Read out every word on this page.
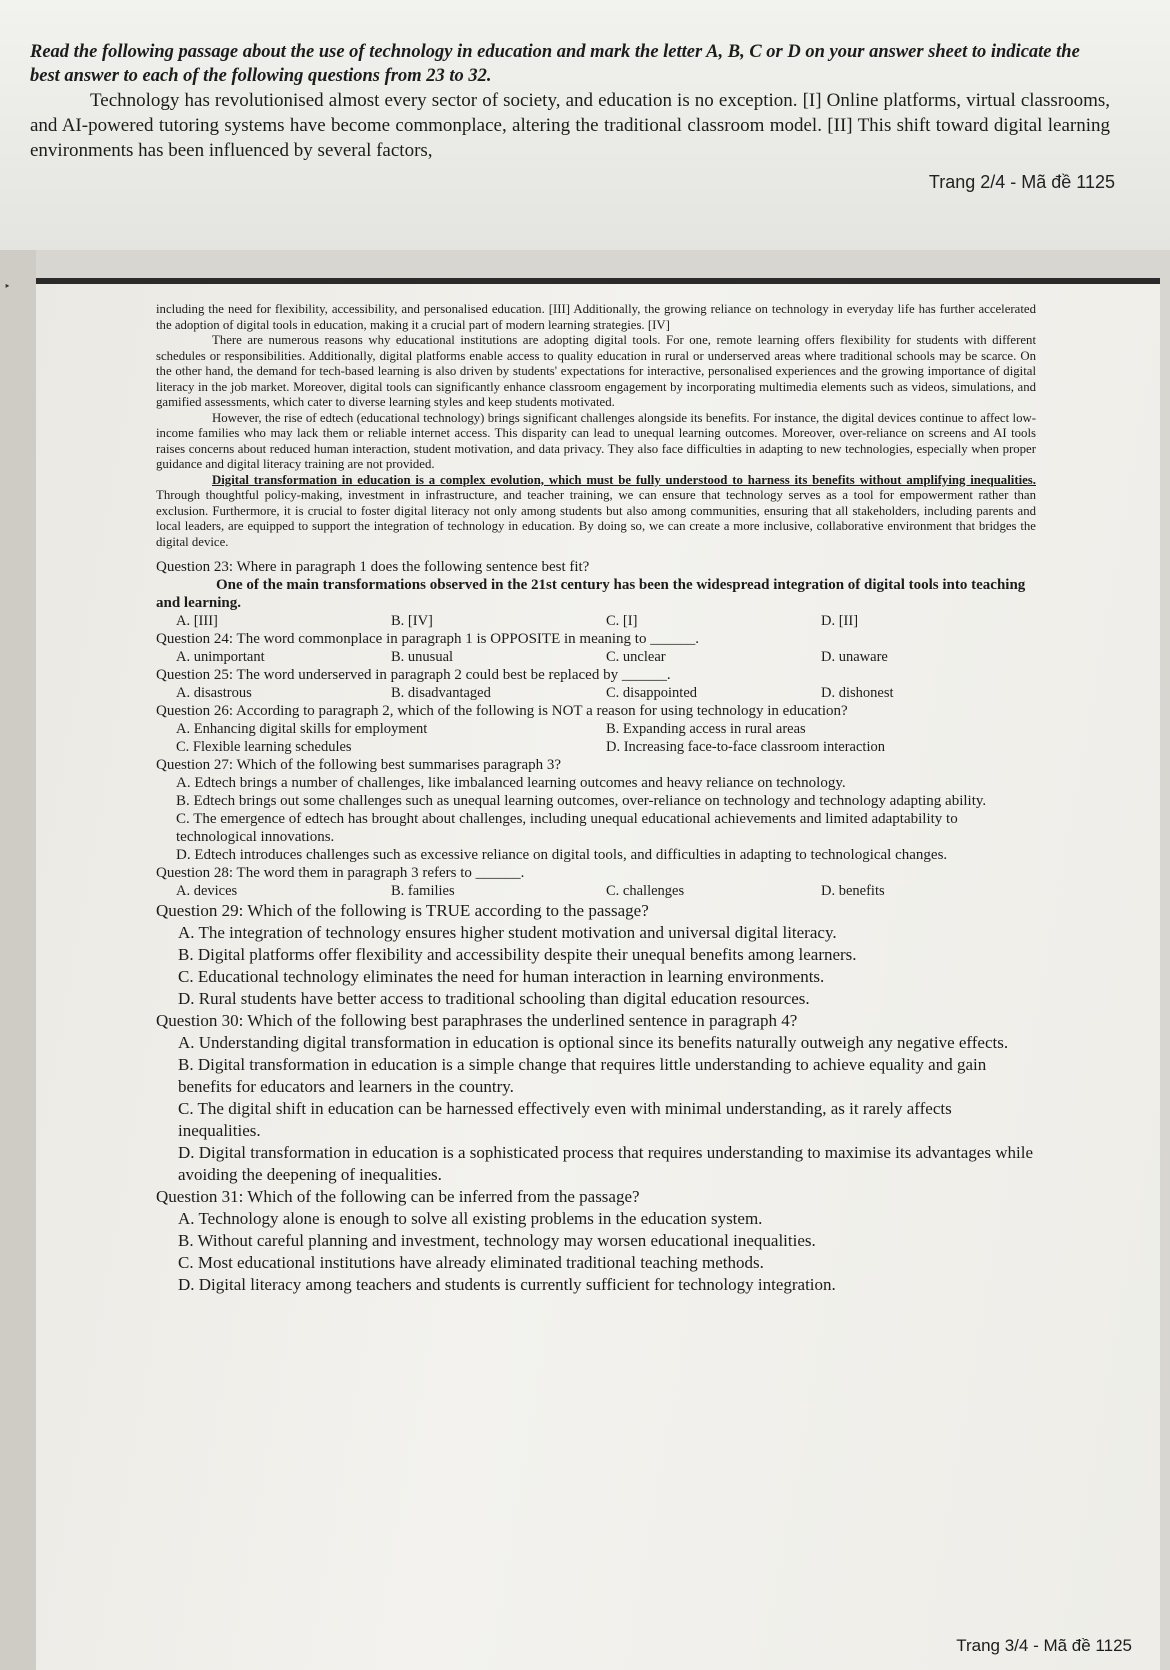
Read the following passage about the use of technology in education and mark the letter A, B, C or D on your answer sheet to indicate the best answer to each of the following questions from 23 to 32.

Technology has revolutionised almost every sector of society, and education is no exception. [I] Online platforms, virtual classrooms, and AI-powered tutoring systems have become commonplace, altering the traditional classroom model. [II] This shift toward digital learning environments has been influenced by several factors,

Trang 2/4 - Mã đề 1125
‣

including the need for flexibility, accessibility, and personalised education. [III] Additionally, the growing reliance on technology in everyday life has further accelerated the adoption of digital tools in education, making it a crucial part of modern learning strategies. [IV]

There are numerous reasons why educational institutions are adopting digital tools. For one, remote learning offers flexibility for students with different schedules or responsibilities. Additionally, digital platforms enable access to quality education in rural or underserved areas where traditional schools may be scarce. On the other hand, the demand for tech-based learning is also driven by students' expectations for interactive, personalised experiences and the growing importance of digital literacy in the job market. Moreover, digital tools can significantly enhance classroom engagement by incorporating multimedia elements such as videos, simulations, and gamified assessments, which cater to diverse learning styles and keep students motivated.

However, the rise of edtech (educational technology) brings significant challenges alongside its benefits. For instance, the digital devices continue to affect low-income families who may lack them or reliable internet access. This disparity can lead to unequal learning outcomes. Moreover, over-reliance on screens and AI tools raises concerns about reduced human interaction, student motivation, and data privacy. They also face difficulties in adapting to new technologies, especially when proper guidance and digital literacy training are not provided.

Digital transformation in education is a complex evolution, which must be fully understood to harness its benefits without amplifying inequalities. Through thoughtful policy-making, investment in infrastructure, and teacher training, we can ensure that technology serves as a tool for empowerment rather than exclusion. Furthermore, it is crucial to foster digital literacy not only among students but also among communities, ensuring that all stakeholders, including parents and local leaders, are equipped to support the integration of technology in education. By doing so, we can create a more inclusive, collaborative environment that bridges the digital device.

Question 23: Where in paragraph 1 does the following sentence best fit?

One of the main transformations observed in the 21st century has been the widespread integration of digital tools into teaching and learning.

A. [III]	B. [IV]	C. [I]	D. [II]

Question 24: The word commonplace in paragraph 1 is OPPOSITE in meaning to ______.

A. unimportant	B. unusual	C. unclear	D. unaware

Question 25: The word underserved in paragraph 2 could best be replaced by ______.

A. disastrous	B. disadvantaged	C. disappointed	D. dishonest

Question 26: According to paragraph 2, which of the following is NOT a reason for using technology in education?

A. Enhancing digital skills for employment	B. Expanding access in rural areas
C. Flexible learning schedules	D. Increasing face-to-face classroom interaction

Question 27: Which of the following best summarises paragraph 3?

A. Edtech brings a number of challenges, like imbalanced learning outcomes and heavy reliance on technology.

B. Edtech brings out some challenges such as unequal learning outcomes, over-reliance on technology and technology adapting ability.

C. The emergence of edtech has brought about challenges, including unequal educational achievements and limited adaptability to technological innovations.

D. Edtech introduces challenges such as excessive reliance on digital tools, and difficulties in adapting to technological changes.

Question 28: The word them in paragraph 3 refers to ______.

A. devices	B. families	C. challenges	D. benefits

Question 29: Which of the following is TRUE according to the passage?

A. The integration of technology ensures higher student motivation and universal digital literacy.

B. Digital platforms offer flexibility and accessibility despite their unequal benefits among learners.

C. Educational technology eliminates the need for human interaction in learning environments.

D. Rural students have better access to traditional schooling than digital education resources.

Question 30: Which of the following best paraphrases the underlined sentence in paragraph 4?

A. Understanding digital transformation in education is optional since its benefits naturally outweigh any negative effects.

B. Digital transformation in education is a simple change that requires little understanding to achieve equality and gain benefits for educators and learners in the country.

C. The digital shift in education can be harnessed effectively even with minimal understanding, as it rarely affects inequalities.

D. Digital transformation in education is a sophisticated process that requires understanding to maximise its advantages while avoiding the deepening of inequalities.

Question 31: Which of the following can be inferred from the passage?

A. Technology alone is enough to solve all existing problems in the education system.

B. Without careful planning and investment, technology may worsen educational inequalities.

C. Most educational institutions have already eliminated traditional teaching methods.

D. Digital literacy among teachers and students is currently sufficient for technology integration.

Trang 3/4 - Mã đề 1125
